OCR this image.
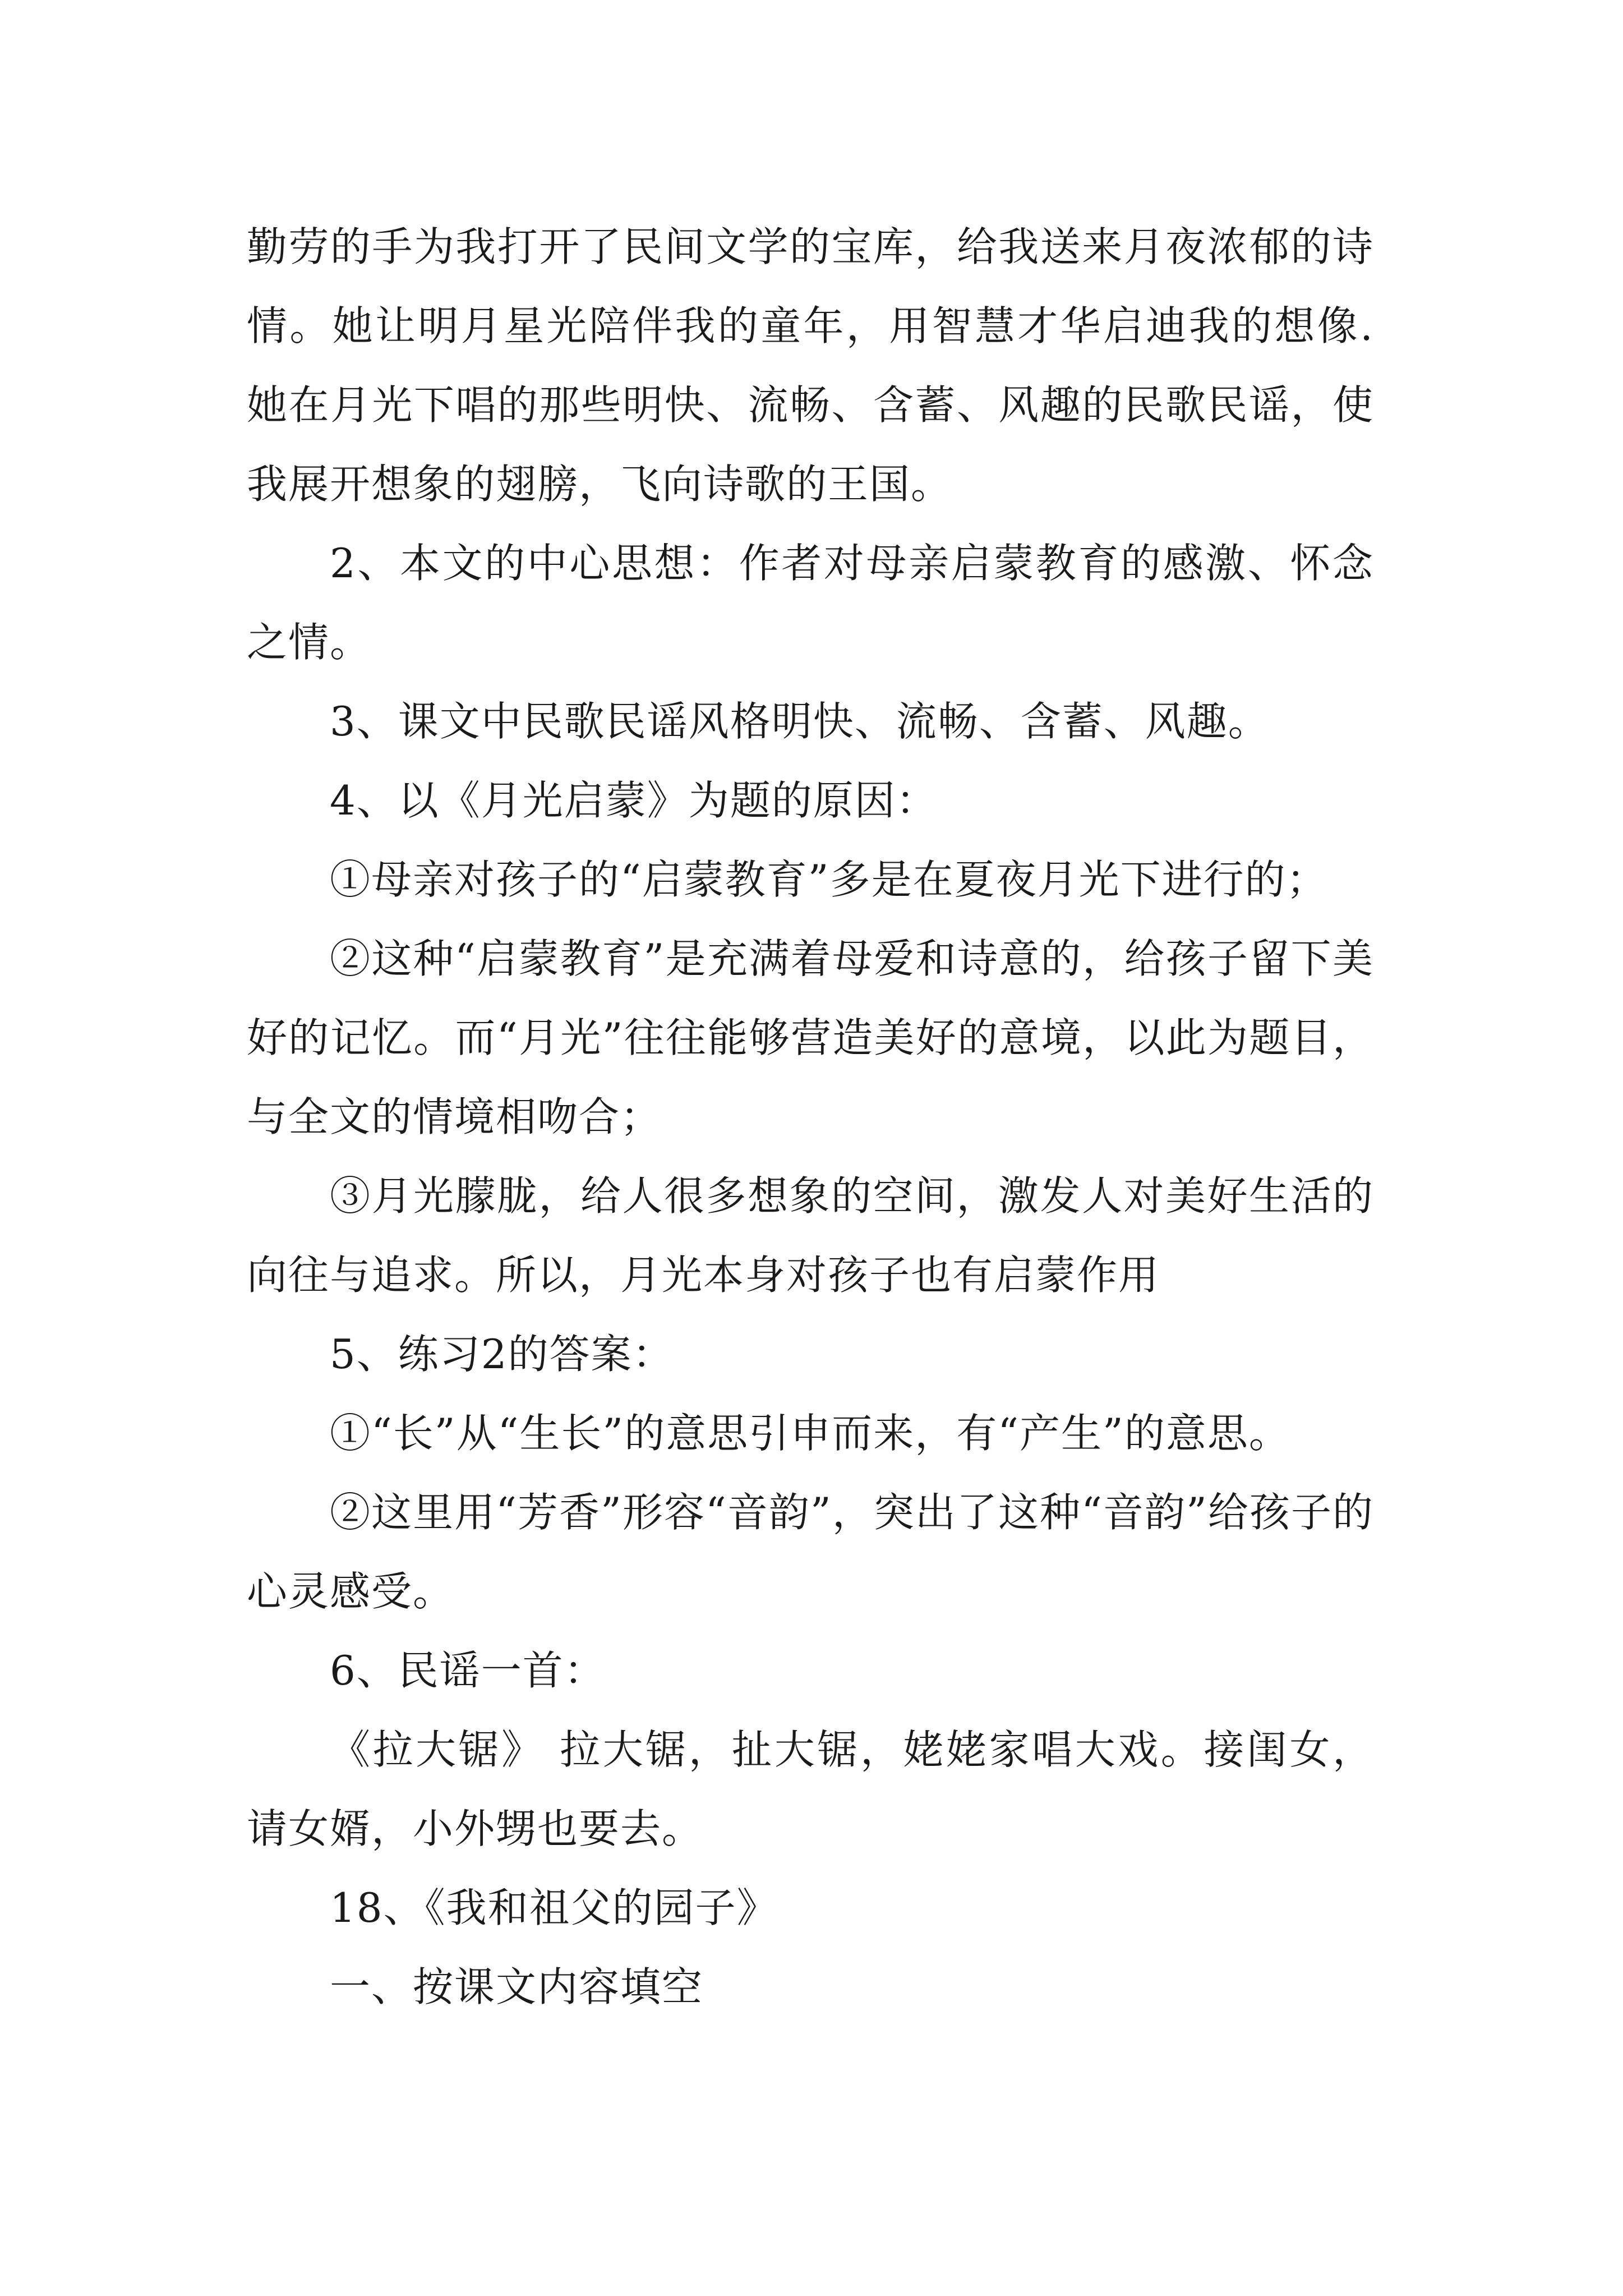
勤劳的手为我打开了民间文学的宝库，给我送来月夜浓郁的诗情。她让明月星光陪伴我的童年，用智慧才华启迪我的想像.她在月光下唱的那些明快、流畅、含蓄、风趣的民歌民谣，使我展开想象的翅膀，飞向诗歌的王国。

2、本文的中心思想：作者对母亲启蒙教育的感激、怀念之情。

3、课文中民歌民谣风格明快、流畅、含蓄、风趣。

4、以《月光启蒙》为题的原因：

①母亲对孩子的“启蒙教育”多是在夏夜月光下进行的；

②这种“启蒙教育”是充满着母爱和诗意的，给孩子留下美好的记忆。而“月光”往往能够营造美好的意境，以此为题目，与全文的情境相吻合；

③月光朦胧，给人很多想象的空间，激发人对美好生活的向往与追求。所以，月光本身对孩子也有启蒙作用

5、练习2的答案：

①“长”从“生长”的意思引申而来，有“产生”的意思。

②这里用“芳香”形容“音韵”，突出了这种“音韵”给孩子的心灵感受。

6、民谣一首：

《拉大锯》 拉大锯，扯大锯，姥姥家唱大戏。接闺女，请女婿，小外甥也要去。

18、《我和祖父的园子》

一、按课文内容填空
